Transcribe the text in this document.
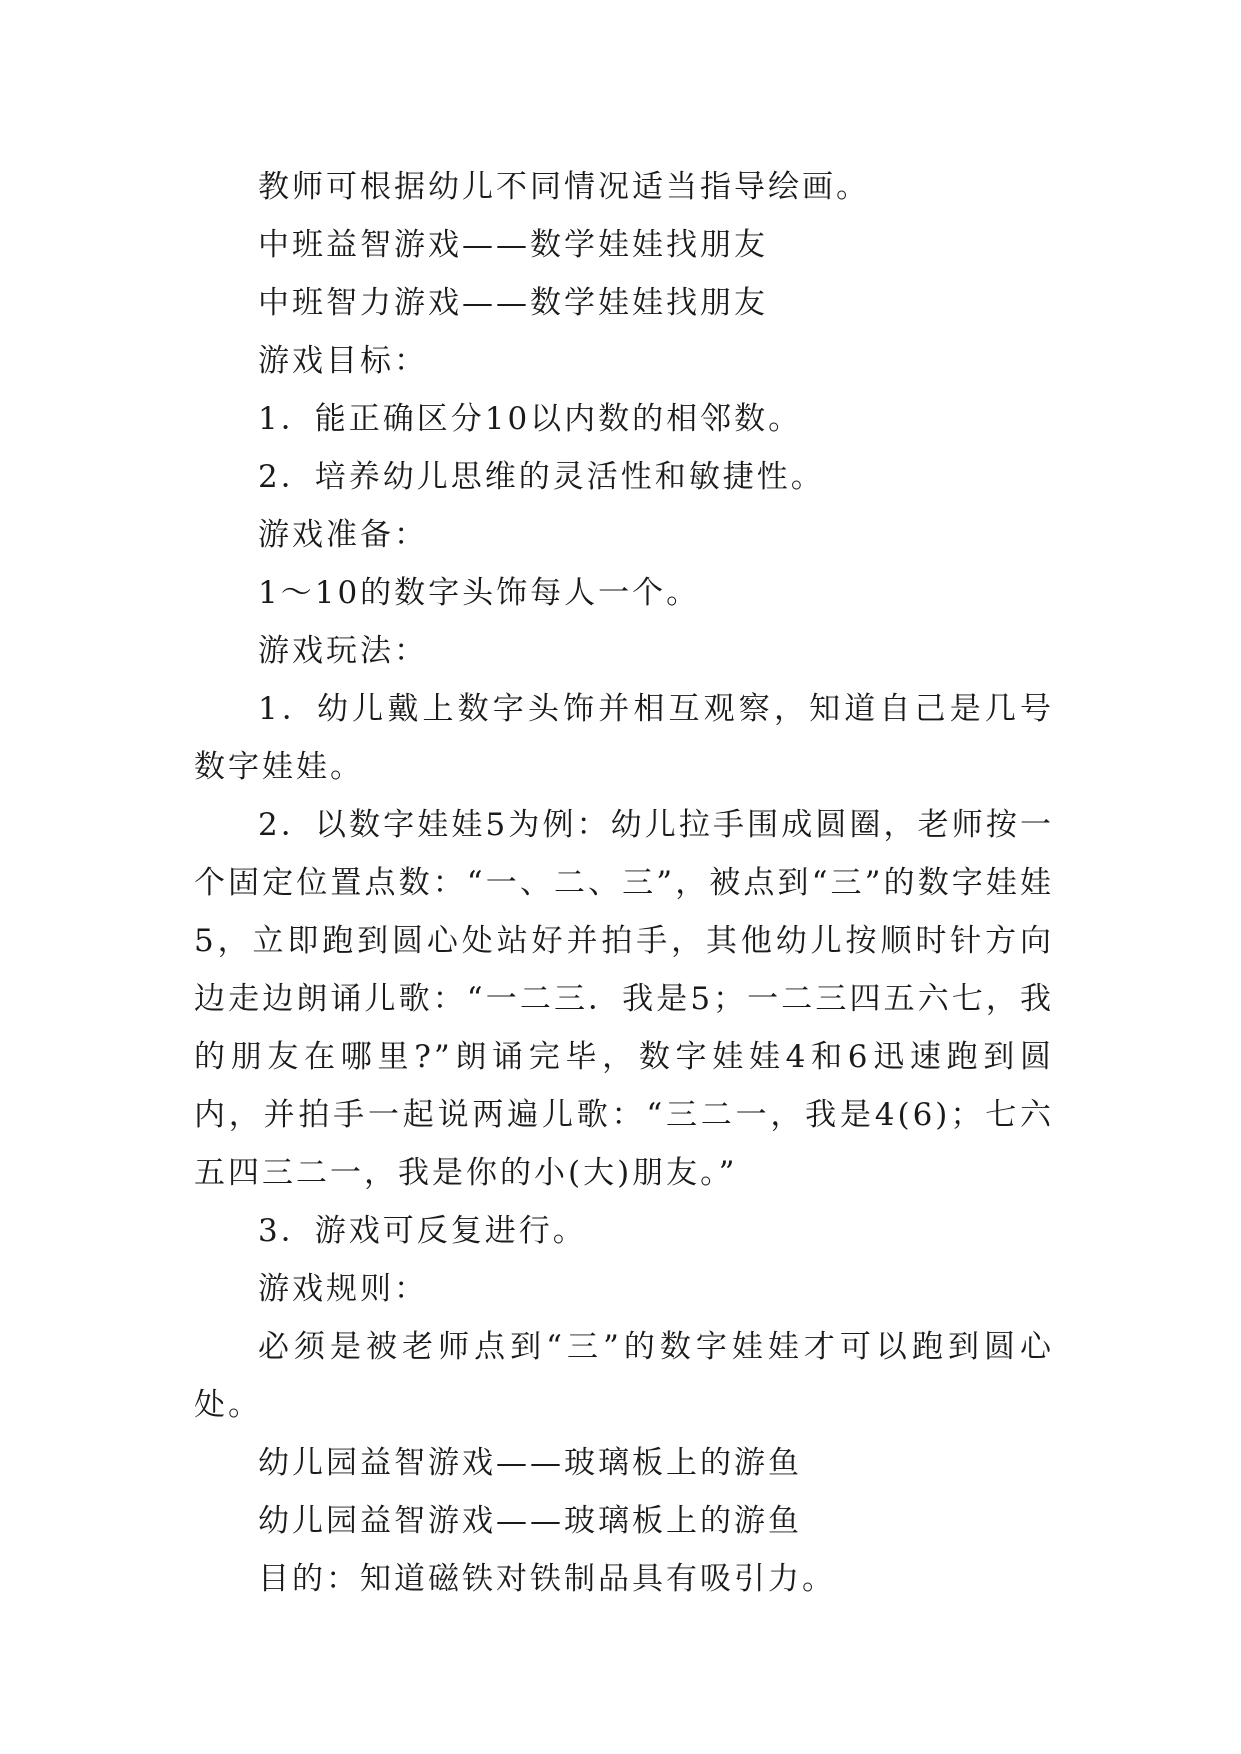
教师可根据幼儿不同情况适当指导绘画。

中班益智游戏——数学娃娃找朋友

中班智力游戏——数学娃娃找朋友

游戏目标：

1．能正确区分10以内数的相邻数。

2．培养幼儿思维的灵活性和敏捷性。

游戏准备：

1～10的数字头饰每人一个。

游戏玩法：

1．幼儿戴上数字头饰并相互观察，知道自己是几号数字娃娃。

2．以数字娃娃5为例：幼儿拉手围成圆圈，老师按一个固定位置点数：“一、二、三”，被点到“三”的数字娃娃5，立即跑到圆心处站好并拍手，其他幼儿按顺时针方向边走边朗诵儿歌：“一二三．我是5；一二三四五六七，我的朋友在哪里?”朗诵完毕，数字娃娃4和6迅速跑到圆内，并拍手一起说两遍儿歌：“三二一，我是4(6)；七六五四三二一，我是你的小(大)朋友。”

3．游戏可反复进行。

游戏规则：

必须是被老师点到“三”的数字娃娃才可以跑到圆心处。

幼儿园益智游戏——玻璃板上的游鱼

幼儿园益智游戏——玻璃板上的游鱼

目的：知道磁铁对铁制品具有吸引力。
